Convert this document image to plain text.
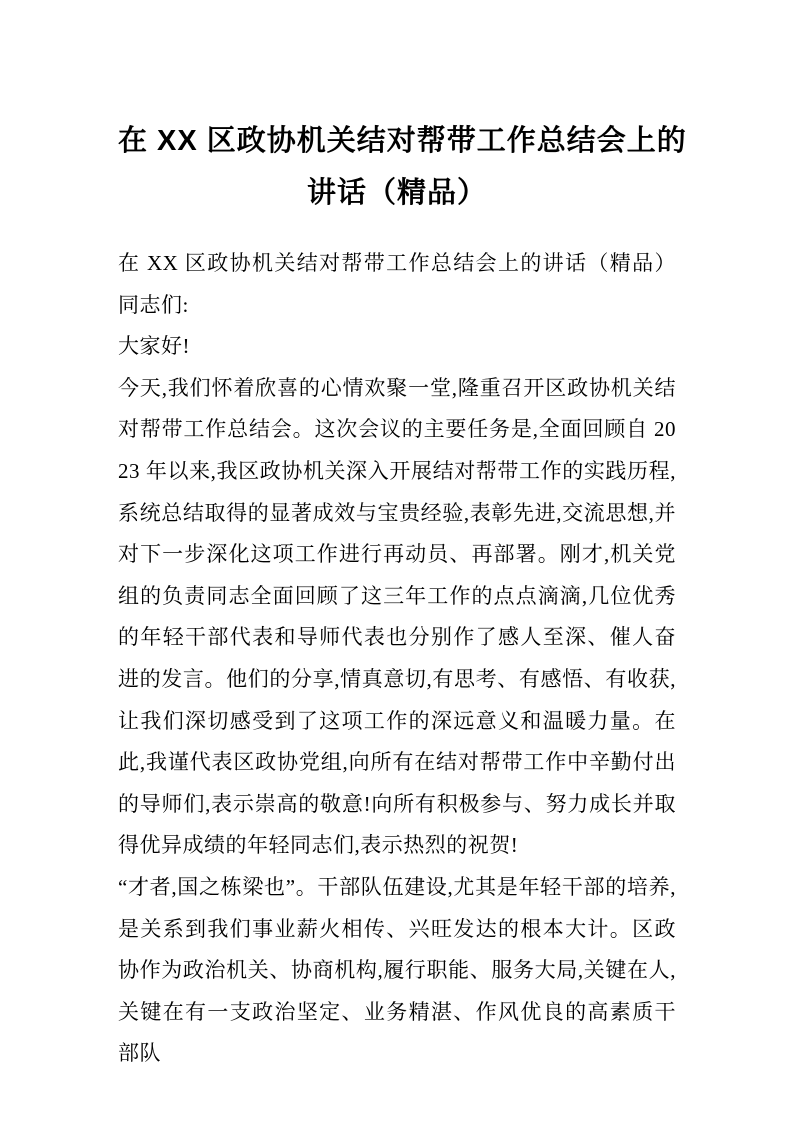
在 XX 区政协机关结对帮带工作总结会上的
讲话（精品）

在 XX 区政协机关结对帮带工作总结会上的讲话（精品） 同志们:

大家好!

今天,我们怀着欣喜的心情欢聚一堂,隆重召开区政协机关结对帮带工作总结会。这次会议的主要任务是,全面回顾自 2023 年以来,我区政协机关深入开展结对帮带工作的实践历程,系统总结取得的显著成效与宝贵经验,表彰先进,交流思想,并对下一步深化这项工作进行再动员、再部署。刚才,机关党组的负责同志全面回顾了这三年工作的点点滴滴,几位优秀的年轻干部代表和导师代表也分别作了感人至深、催人奋进的发言。他们的分享,情真意切,有思考、有感悟、有收获,让我们深切感受到了这项工作的深远意义和温暖力量。在此,我谨代表区政协党组,向所有在结对帮带工作中辛勤付出的导师们,表示崇高的敬意!向所有积极参与、努力成长并取得优异成绩的年轻同志们,表示热烈的祝贺!

“才者,国之栋梁也”。干部队伍建设,尤其是年轻干部的培养,是关系到我们事业薪火相传、兴旺发达的根本大计。区政协作为政治机关、协商机构,履行职能、服务大局,关键在人,关键在有一支政治坚定、业务精湛、作风优良的高素质干部队
